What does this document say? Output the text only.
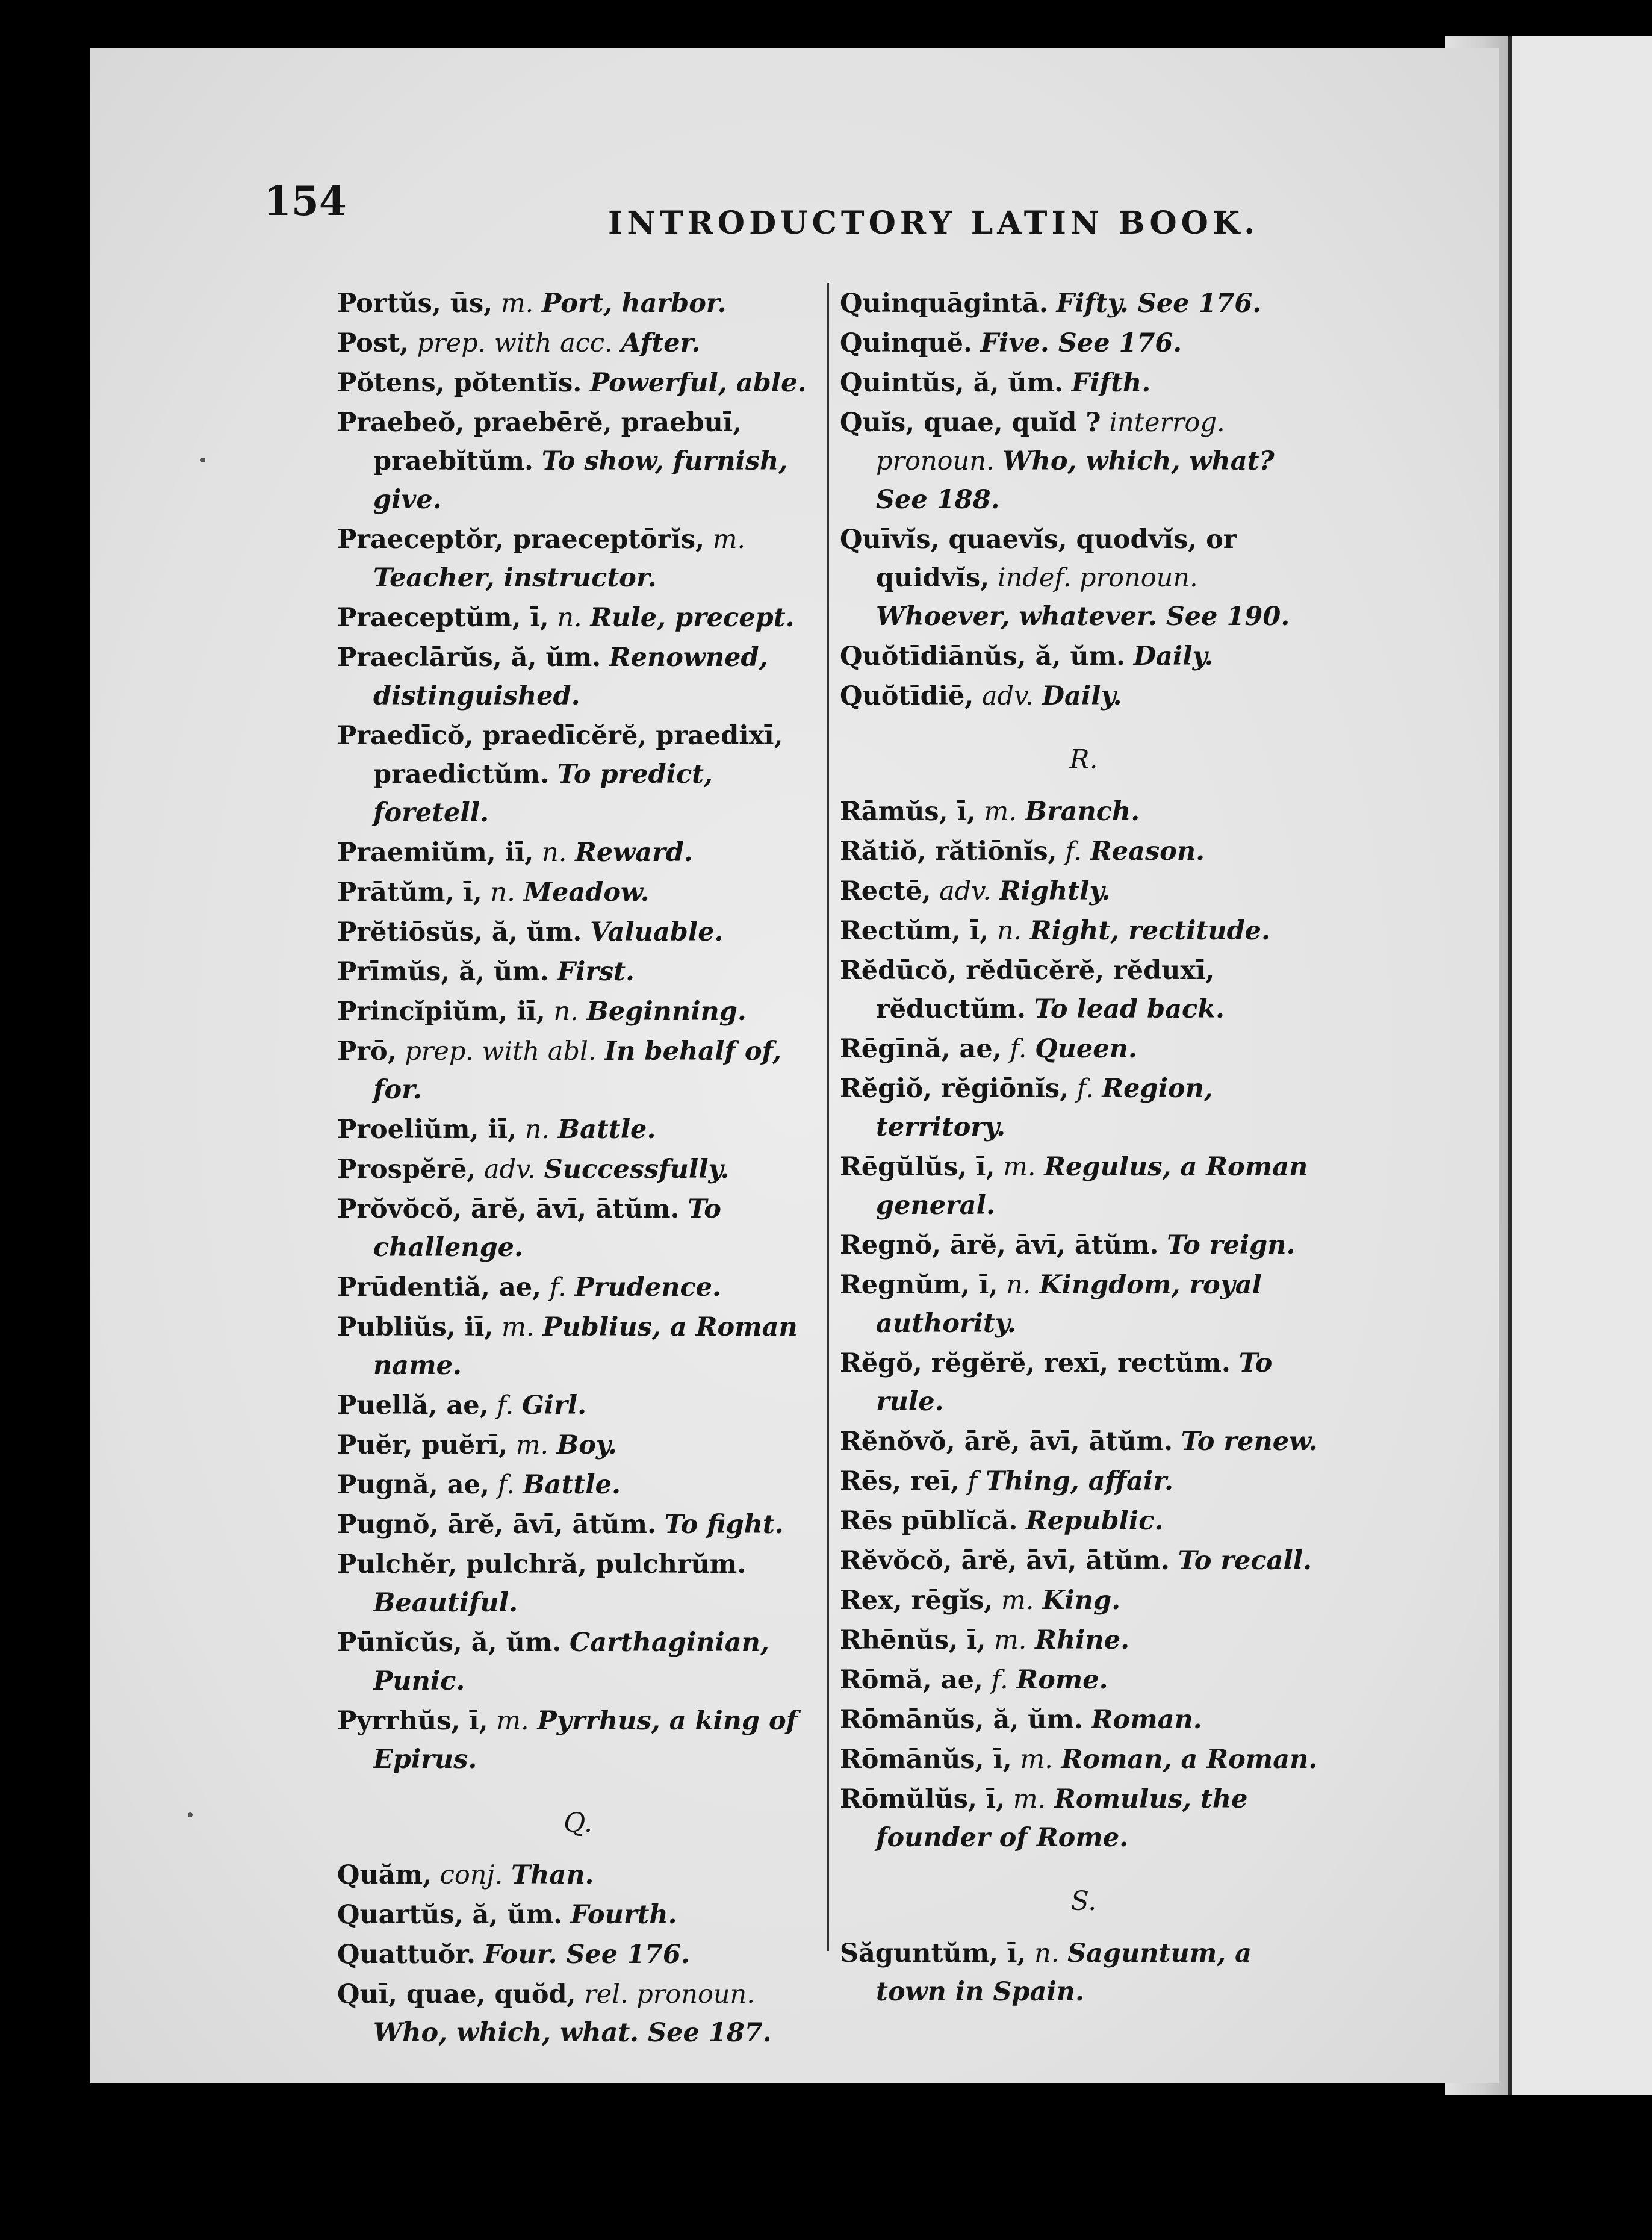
154	INTRODUCTORY LATIN BOOK.
Portŭs, ūs, m. Port, harbor.
Post, prep. with acc. After.
Pŏtens, pŏtentĭs. Powerful, able.
Praebeŏ, praebērĕ, praebuī, praebĭtŭm. To show, furnish, give.
Praeceptŏr, praeceptōrĭs, m. Teacher, instructor.
Praeceptŭm, ī, n. Rule, precept.
Praeclārŭs, ă, ŭm. Renowned, distinguished.
Praedīcŏ, praedīcĕrĕ, praedixī, praedictŭm. To predict, foretell.
Praemiŭm, iī, n. Reward.
Prātŭm, ī, n. Meadow.
Prĕtiōsŭs, ă, ŭm. Valuable.
Prīmŭs, ă, ŭm. First.
Princĭpiŭm, iī, n. Beginning.
Prō, prep. with abl. In behalf of, for.
Proeliŭm, iī, n. Battle.
Prospĕrē, adv. Successfully.
Prŏvŏcŏ, ārĕ, āvī, ātŭm. To challenge.
Prūdentiă, ae, f. Prudence.
Publiŭs, iī, m. Publius, a Roman name.
Puellă, ae, f. Girl.
Puĕr, puĕrī, m. Boy.
Pugnă, ae, f. Battle.
Pugnŏ, ārĕ, āvī, ātŭm. To fight.
Pulchĕr, pulchră, pulchrŭm. Beautiful.
Pūnĭcŭs, ă, ŭm. Carthaginian, Punic.
Pyrrhŭs, ī, m. Pyrrhus, a king of Epirus.
Q.
Quăm, conj. Than.
Quartŭs, ă, ŭm. Fourth.
Quattuŏr. Four. See 176.
Quī, quae, quŏd, rel. pronoun. Who, which, what. See 187.
Quinquāgintā. Fifty. See 176.
Quinquĕ. Five. See 176.
Quintŭs, ă, ŭm. Fifth.
Quĭs, quae, quĭd ? interrog. pronoun. Who, which, what? See 188.
Quīvĭs, quaevĭs, quodvĭs, or quidvĭs, indef. pronoun. Whoever, whatever. See 190.
Quŏtīdiānŭs, ă, ŭm. Daily.
Quŏtīdiē, adv. Daily.
R.
Rāmŭs, ī, m. Branch.
Rătiŏ, rătiōnĭs, f. Reason.
Rectē, adv. Rightly.
Rectŭm, ī, n. Right, rectitude.
Rĕdūcŏ, rĕdūcĕrĕ, rĕduxī, rĕductŭm. To lead back.
Rēgīnă, ae, f. Queen.
Rĕgiŏ, rĕgiōnĭs, f. Region, territory.
Rēgŭlŭs, ī, m. Regulus, a Roman general.
Regnŏ, ārĕ, āvī, ātŭm. To reign.
Regnŭm, ī, n. Kingdom, royal authority.
Rĕgŏ, rĕgĕrĕ, rexī, rectŭm. To rule.
Rĕnŏvŏ, ārĕ, āvī, ātŭm. To renew.
Rēs, reī, f Thing, affair.
Rēs pūblĭcă. Republic.
Rĕvŏcŏ, ārĕ, āvī, ātŭm. To recall.
Rex, rēgĭs, m. King.
Rhēnŭs, ī, m. Rhine.
Rōmă, ae, f. Rome.
Rōmānŭs, ă, ŭm. Roman.
Rōmānŭs, ī, m. Roman, a Roman.
Rōmŭlŭs, ī, m. Romulus, the founder of Rome.
S.
Săguntŭm, ī, n. Saguntum, a town in Spain.
